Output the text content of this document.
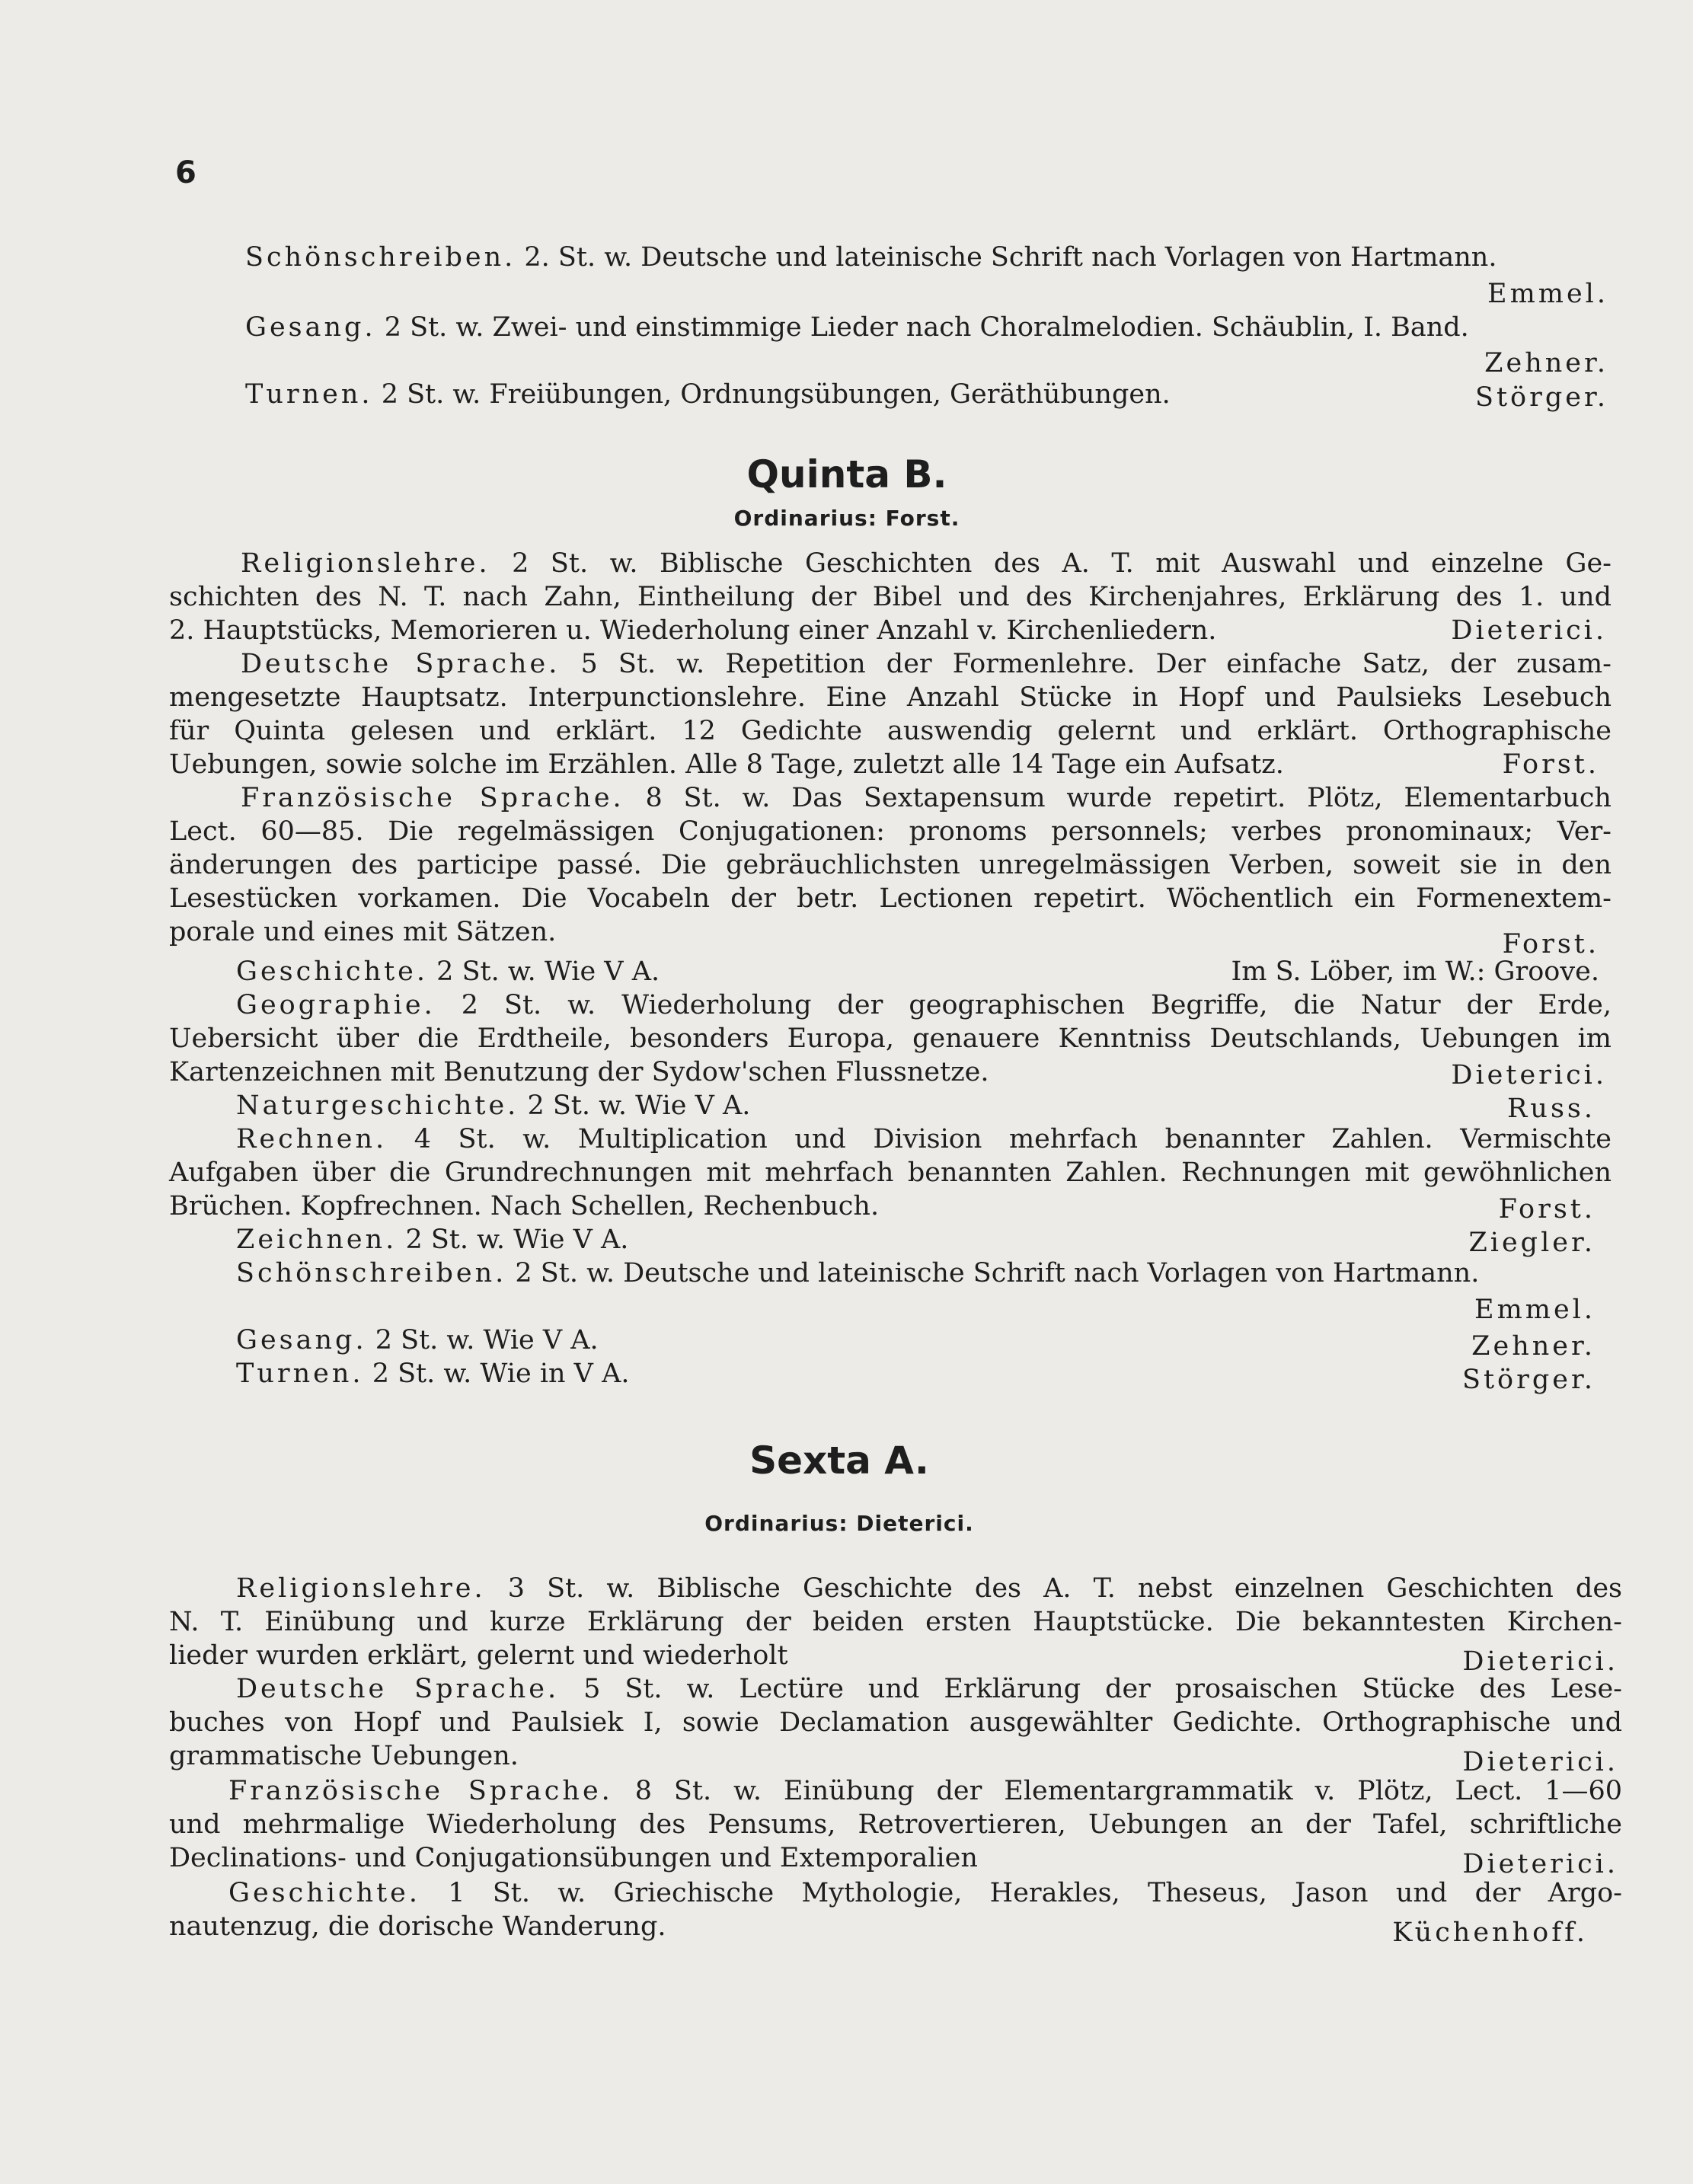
6
Schönschreiben. 2. St. w. Deutsche und lateinische Schrift nach Vorlagen von Hartmann.
Emmel.
Gesang. 2 St. w. Zwei- und einstimmige Lieder nach Choralmelodien. Schäublin, I. Band.
Zehner.
Turnen. 2 St. w. Freiübungen, Ordnungsübungen, Geräthübungen.	Störger.
Quinta B.
Ordinarius: Forst.
Religionslehre. 2 St. w. Biblische Geschichten des A. T. mit Auswahl und einzelne Ge-
schichten des N. T. nach Zahn, Eintheilung der Bibel und des Kirchenjahres, Erklärung des 1. und
2. Hauptstücks, Memorieren u. Wiederholung einer Anzahl v. Kirchenliedern.	Dieterici.
Deutsche Sprache. 5 St. w. Repetition der Formenlehre. Der einfache Satz, der zusam-
mengesetzte Hauptsatz. Interpunctionslehre. Eine Anzahl Stücke in Hopf und Paulsieks Lesebuch
für Quinta gelesen und erklärt. 12 Gedichte auswendig gelernt und erklärt. Orthographische
Uebungen, sowie solche im Erzählen. Alle 8 Tage, zuletzt alle 14 Tage ein Aufsatz.	Forst.
Französische Sprache. 8 St. w. Das Sextapensum wurde repetirt. Plötz, Elementarbuch
Lect. 60—85. Die regelmässigen Conjugationen: pronoms personnels; verbes pronominaux; Ver-
änderungen des participe passé. Die gebräuchlichsten unregelmässigen Verben, soweit sie in den
Lesestücken vorkamen. Die Vocabeln der betr. Lectionen repetirt. Wöchentlich ein Formenextem-
porale und eines mit Sätzen.	Forst.
Geschichte. 2 St. w. Wie V A.	Im S. Löber, im W.: Groove.
Geographie. 2 St. w. Wiederholung der geographischen Begriffe, die Natur der Erde,
Uebersicht über die Erdtheile, besonders Europa, genauere Kenntniss Deutschlands, Uebungen im
Kartenzeichnen mit Benutzung der Sydow'schen Flussnetze.	Dieterici.
Naturgeschichte. 2 St. w. Wie V A.	Russ.
Rechnen. 4 St. w. Multiplication und Division mehrfach benannter Zahlen. Vermischte
Aufgaben über die Grundrechnungen mit mehrfach benannten Zahlen. Rechnungen mit gewöhnlichen
Brüchen. Kopfrechnen. Nach Schellen, Rechenbuch.	Forst.
Zeichnen. 2 St. w. Wie V A.	Ziegler.
Schönschreiben. 2 St. w. Deutsche und lateinische Schrift nach Vorlagen von Hartmann.
Emmel.
Gesang. 2 St. w. Wie V A.	Zehner.
Turnen. 2 St. w. Wie in V A.	Störger.
Sexta A.
Ordinarius: Dieterici.
Religionslehre. 3 St. w. Biblische Geschichte des A. T. nebst einzelnen Geschichten des
N. T. Einübung und kurze Erklärung der beiden ersten Hauptstücke. Die bekanntesten Kirchen-
lieder wurden erklärt, gelernt und wiederholt	Dieterici.
Deutsche Sprache. 5 St. w. Lectüre und Erklärung der prosaischen Stücke des Lese-
buches von Hopf und Paulsiek I, sowie Declamation ausgewählter Gedichte. Orthographische und
grammatische Uebungen.	Dieterici.
Französische Sprache. 8 St. w. Einübung der Elementargrammatik v. Plötz, Lect. 1—60
und mehrmalige Wiederholung des Pensums, Retrovertieren, Uebungen an der Tafel, schriftliche
Declinations- und Conjugationsübungen und Extemporalien	Dieterici.
Geschichte. 1 St. w. Griechische Mythologie, Herakles, Theseus, Jason und der Argo-
nautenzug, die dorische Wanderung.	Küchenhoff.
